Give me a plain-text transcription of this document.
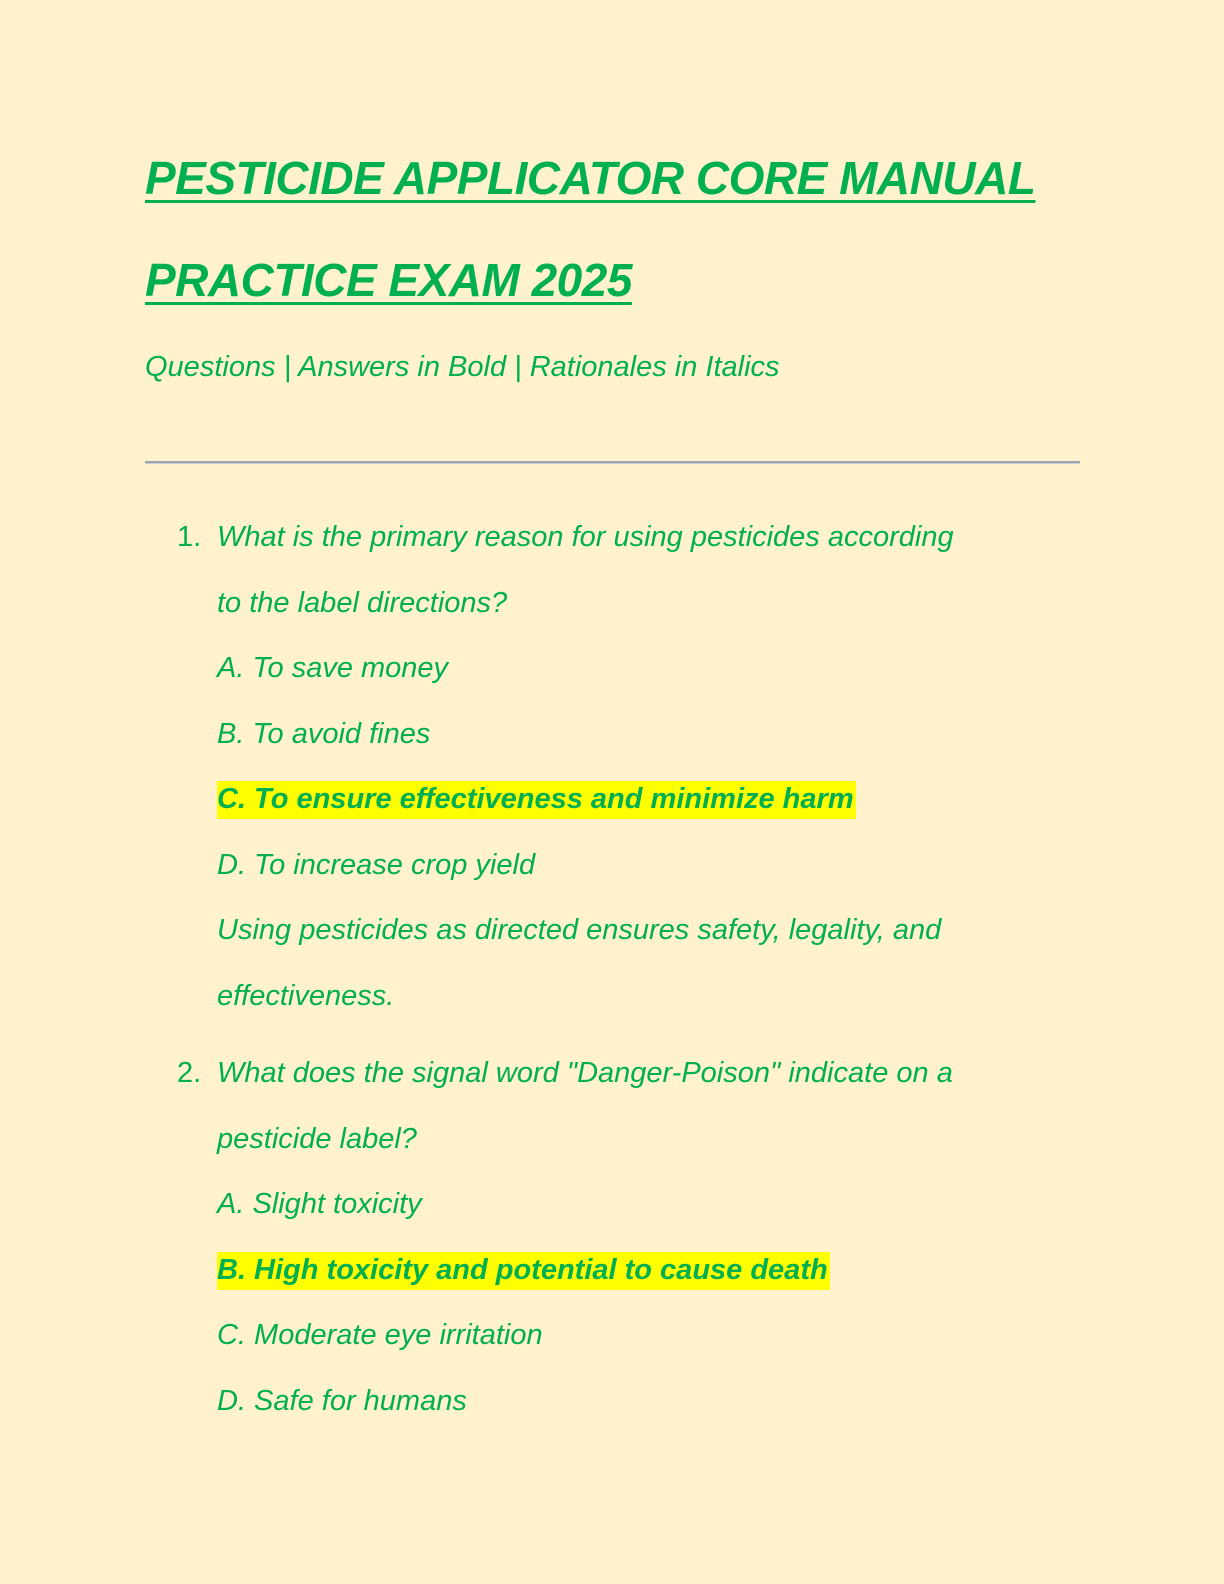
PESTICIDE APPLICATOR CORE MANUAL
PRACTICE EXAM 2025
Questions | Answers in Bold | Rationales in Italics
1. What is the primary reason for using pesticides according
to the label directions?
A. To save money
B. To avoid fines
C. To ensure effectiveness and minimize harm
D. To increase crop yield
Using pesticides as directed ensures safety, legality, and
effectiveness.
2. What does the signal word "Danger-Poison" indicate on a
pesticide label?
A. Slight toxicity
B. High toxicity and potential to cause death
C. Moderate eye irritation
D. Safe for humans
